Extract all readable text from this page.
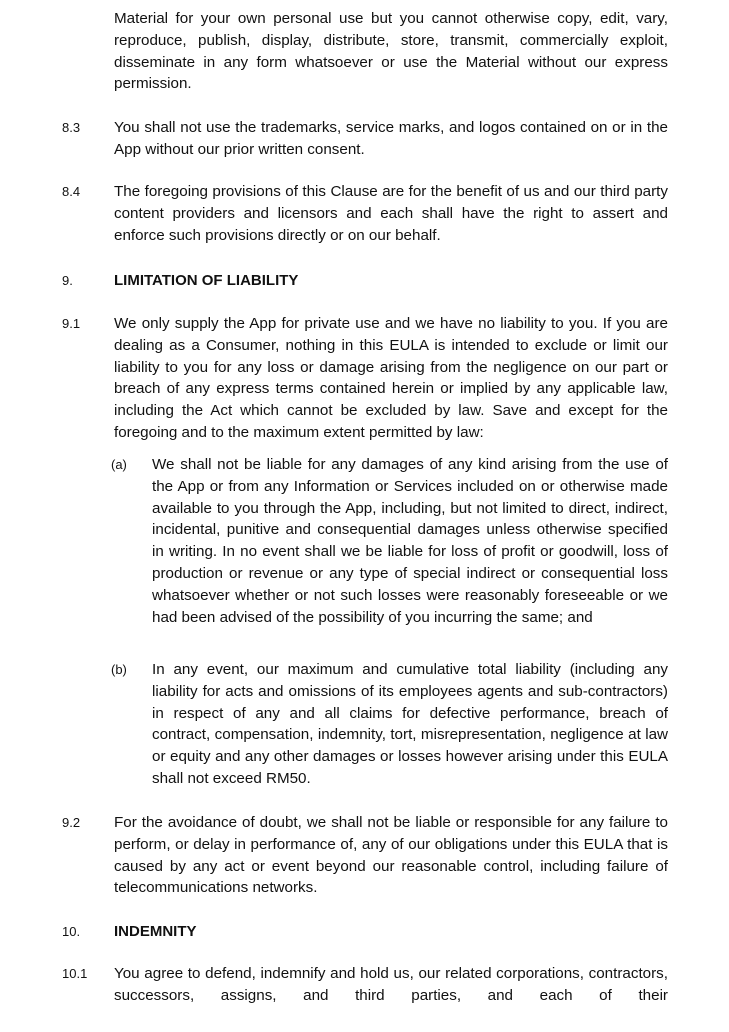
Material for your own personal use but you cannot otherwise copy, edit, vary, reproduce, publish, display, distribute, store, transmit, commercially exploit, disseminate in any form whatsoever or use the Material without our express permission.
8.3 You shall not use the trademarks, service marks, and logos contained on or in the App without our prior written consent.
8.4 The foregoing provisions of this Clause are for the benefit of us and our third party content providers and licensors and each shall have the right to assert and enforce such provisions directly or on our behalf.
9.	LIMITATION OF LIABILITY
9.1 We only supply the App for private use and we have no liability to you. If you are dealing as a Consumer, nothing in this EULA is intended to exclude or limit our liability to you for any loss or damage arising from the negligence on our part or breach of any express terms contained herein or implied by any applicable law, including the Act which cannot be excluded by law. Save and except for the foregoing and to the maximum extent permitted by law:
(a) We shall not be liable for any damages of any kind arising from the use of the App or from any Information or Services included on or otherwise made available to you through the App, including, but not limited to direct, indirect, incidental, punitive and consequential damages unless otherwise specified in writing. In no event shall we be liable for loss of profit or goodwill, loss of production or revenue or any type of special indirect or consequential loss whatsoever whether or not such losses were reasonably foreseeable or we had been advised of the possibility of you incurring the same; and
(b) In any event, our maximum and cumulative total liability (including any liability for acts and omissions of its employees agents and sub-contractors) in respect of any and all claims for defective performance, breach of contract, compensation, indemnity, tort, misrepresentation, negligence at law or equity and any other damages or losses however arising under this EULA shall not exceed RM50.
9.2 For the avoidance of doubt, we shall not be liable or responsible for any failure to perform, or delay in performance of, any of our obligations under this EULA that is caused by any act or event beyond our reasonable control, including failure of telecommunications networks.
10. INDEMNITY
10.1 You agree to defend, indemnify and hold us, our related corporations, contractors, successors, assigns, and third parties, and each of their
